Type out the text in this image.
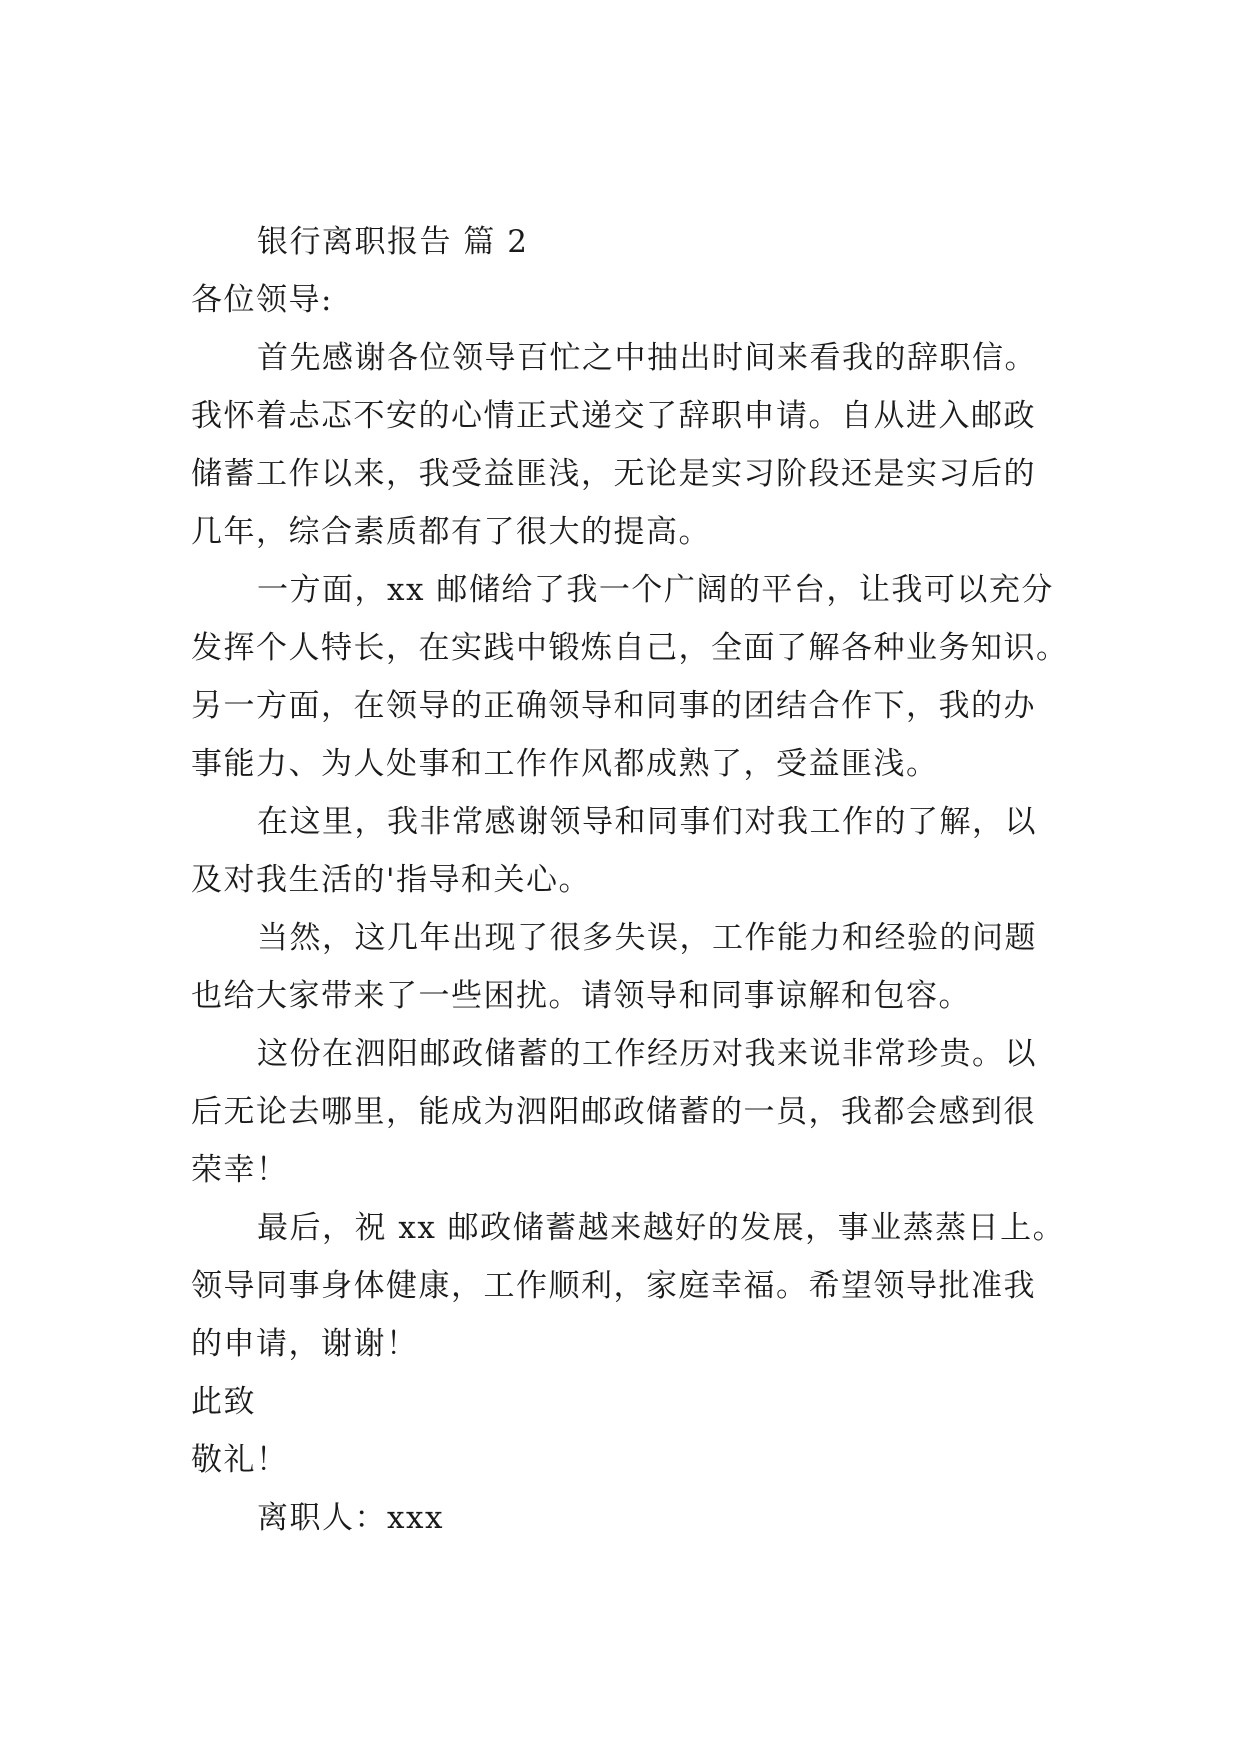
银行离职报告 篇 2
各位领导:
首先感谢各位领导百忙之中抽出时间来看我的辞职信。
我怀着忐忑不安的心情正式递交了辞职申请。自从进入邮政
储蓄工作以来，我受益匪浅，无论是实习阶段还是实习后的
几年，综合素质都有了很大的提高。
一方面，xx 邮储给了我一个广阔的平台，让我可以充分
发挥个人特长，在实践中锻炼自己，全面了解各种业务知识。
另一方面，在领导的正确领导和同事的团结合作下，我的办
事能力、为人处事和工作作风都成熟了，受益匪浅。
在这里，我非常感谢领导和同事们对我工作的了解，以
及对我生活的'指导和关心。
当然，这几年出现了很多失误，工作能力和经验的问题
也给大家带来了一些困扰。请领导和同事谅解和包容。
这份在泗阳邮政储蓄的工作经历对我来说非常珍贵。以
后无论去哪里，能成为泗阳邮政储蓄的一员，我都会感到很
荣幸！
最后，祝 xx 邮政储蓄越来越好的发展，事业蒸蒸日上。
领导同事身体健康，工作顺利，家庭幸福。希望领导批准我
的申请，谢谢！
此致
敬礼！
离职人：xxx
